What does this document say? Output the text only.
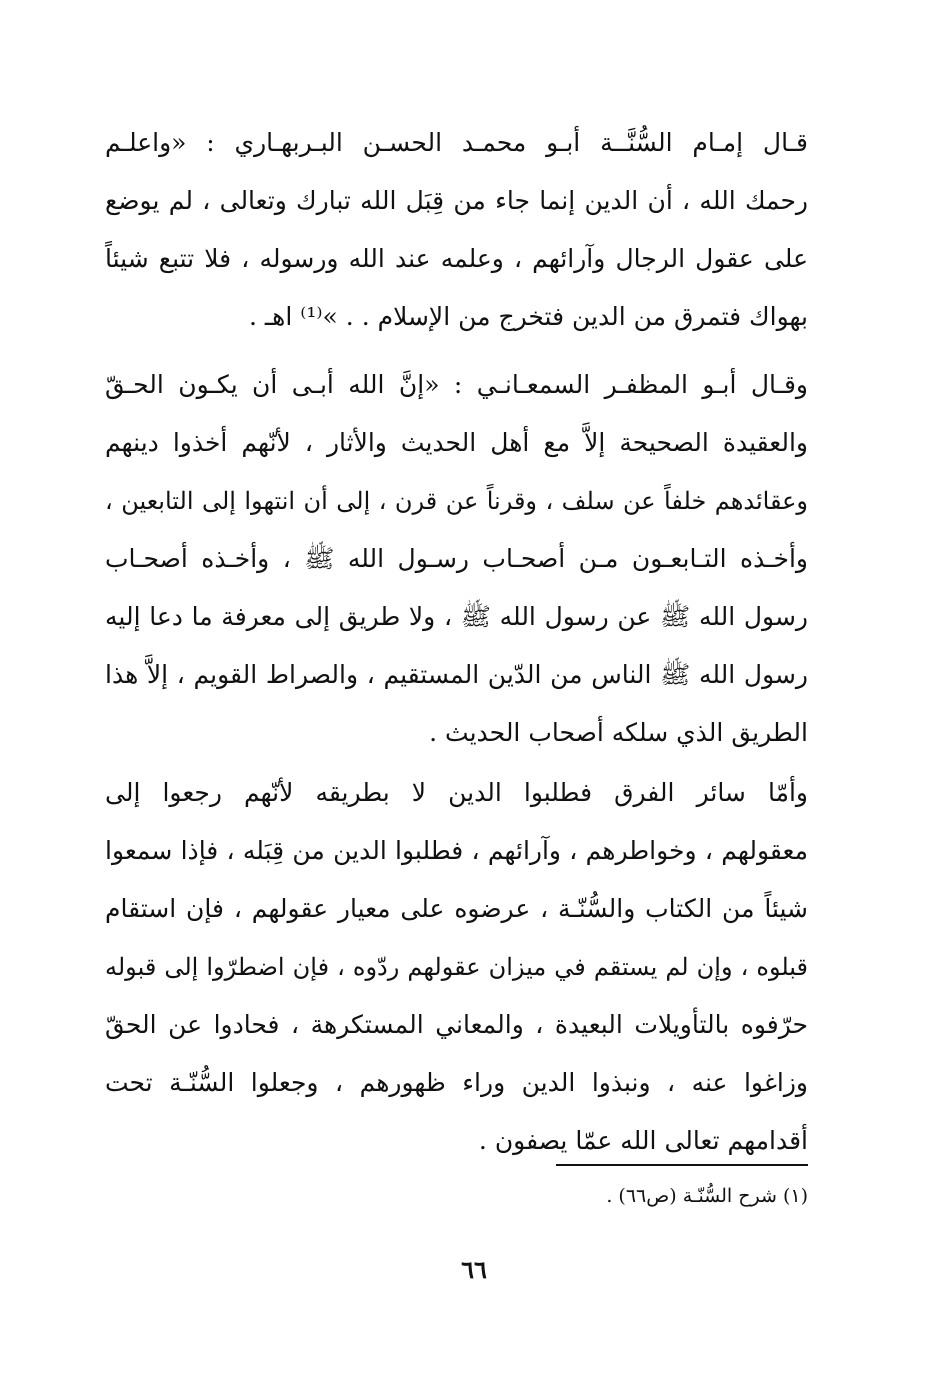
قـال إمـام السُّنَّــة أبـو محمـد الحسـن البـربهـاري : «واعلـم
رحمك الله ، أن الدين إنما جاء من قِبَل الله تبارك وتعالى ، لم يوضع
على عقول الرجال وآرائهم ، وعلمه عند الله ورسوله ، فلا تتبع شيئاً
بهواك فتمرق من الدين فتخرج من الإسلام . . »⁽¹⁾ اهـ .
وقـال أبـو المظفـر السمعـانـي : «إنَّ الله أبـى أن يكـون الحـقّ
والعقيدة الصحيحة إلاَّ مع أهل الحديث والأثار ، لأنّهم أخذوا دينهم
وعقائدهم خلفاً عن سلف ، وقرناً عن قرن ، إلى أن انتهوا إلى التابعين ،
وأخـذه التـابعـون مـن أصحـاب رسـول الله ﷺ ، وأخـذه أصحـاب
رسول الله ﷺ عن رسول الله ﷺ ، ولا طريق إلى معرفة ما دعا إليه
رسول الله ﷺ الناس من الدّين المستقيم ، والصراط القويم ، إلاَّ هذا
الطريق الذي سلكه أصحاب الحديث .
وأمّا سائر الفرق فطلبوا الدين لا بطريقه لأنّهم رجعوا إلى
معقولهم ، وخواطرهم ، وآرائهم ، فطلبوا الدين من قِبَله ، فإذا سمعوا
شيئاً من الكتاب والسُّنّـة ، عرضوه على معيار عقولهم ، فإن استقام
قبلوه ، وإن لم يستقم في ميزان عقولهم ردّوه ، فإن اضطرّوا إلى قبوله
حرّفوه بالتأويلات البعيدة ، والمعاني المستكرهة ، فحادوا عن الحقّ
وزاغوا عنه ، ونبذوا الدين وراء ظهورهم ، وجعلوا السُّنّـة تحت
أقدامهم تعالى الله عمّا يصفون .
(١) شرح السُّنّـة (ص٦٦) .
٦٦
